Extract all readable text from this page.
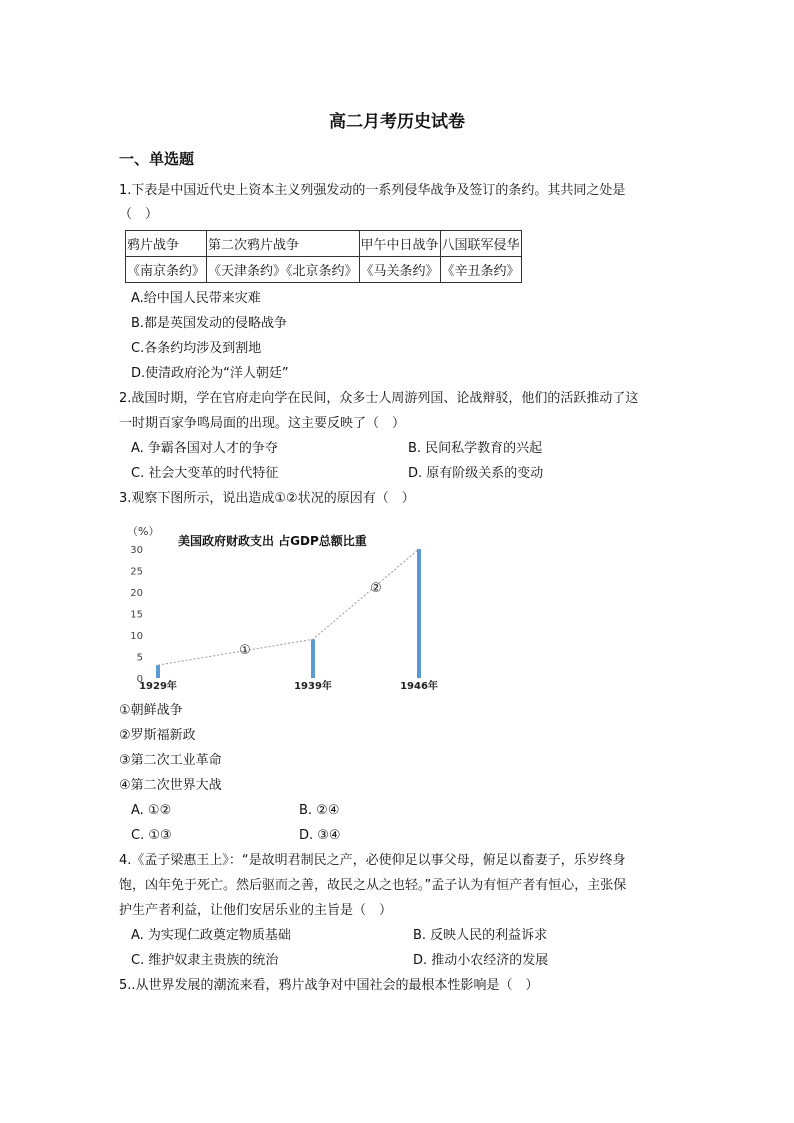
高二月考历史试卷
一、单选题
1.下表是中国近代史上资本主义列强发动的一系列侵华战争及签订的条约。其共同之处是
（　）
鸦片战争	第二次鸦片战争	甲午中日战争	八国联军侵华
《南京条约》	《天津条约》《北京条约》	《马关条约》	《辛丑条约》
A.给中国人民带来灾难
B.都是英国发动的侵略战争
C.各条约均涉及到割地
D.使清政府沦为“洋人朝廷”
2.战国时期，学在官府走向学在民间，众多士人周游列国、论战辩驳，他们的活跃推动了这
一时期百家争鸣局面的出现。这主要反映了（　）
A. 争霸各国对人才的争夺	B. 民间私学教育的兴起
C. 社会大变革的时代特征	D. 原有阶级关系的变动
3.观察下图所示，说出造成①②状况的原因有（　）
（%）
美国政府财政支出 占GDP总额比重
0
5
10
15
20
25
30
①
②
1929年	1939年	1946年
①朝鲜战争
②罗斯福新政
③第二次工业革命
④第二次世界大战
A. ①②	B. ②④
C. ①③	D. ③④
4.《孟子梁惠王上》：“是故明君制民之产，必使仰足以事父母，俯足以畜妻子，乐岁终身
饱，凶年免于死亡。然后驱而之善，故民之从之也轻。”孟子认为有恒产者有恒心，主张保
护生产者利益，让他们安居乐业的主旨是（　）
A. 为实现仁政奠定物质基础	B. 反映人民的利益诉求
C. 维护奴隶主贵族的统治	D. 推动小农经济的发展
5..从世界发展的潮流来看，鸦片战争对中国社会的最根本性影响是（　）
